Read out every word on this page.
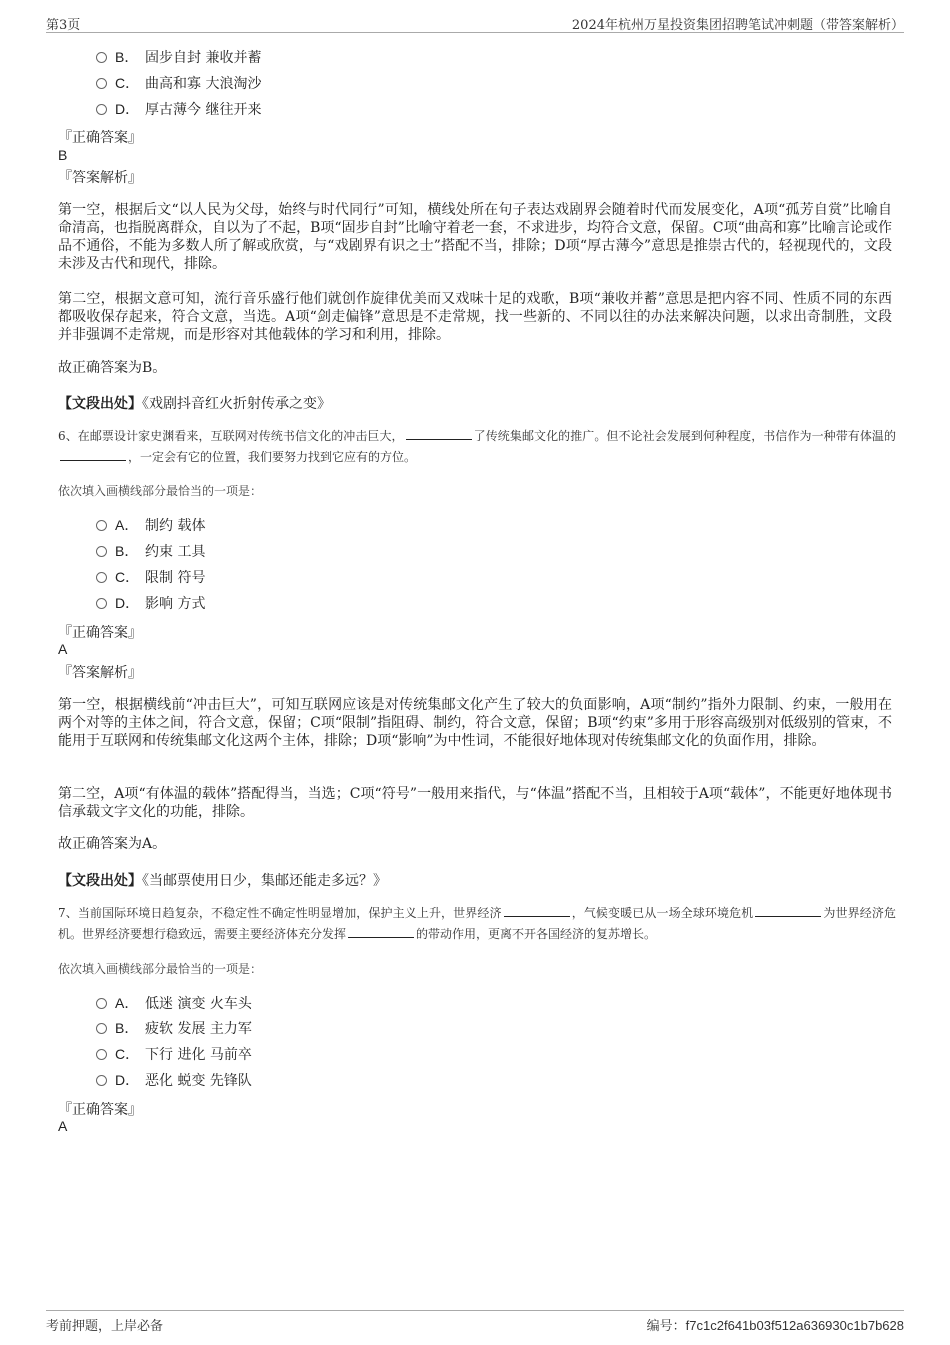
第3页	2024年杭州万星投资集团招聘笔试冲刺题（带答案解析）
B． 固步自封 兼收并蓄
C． 曲高和寡 大浪淘沙
D． 厚古薄今 继往开来
『正确答案』
B
『答案解析』
第一空，根据后文“以人民为父母，始终与时代同行”可知，横线处所在句子表达戏剧界会随着时代而发展变化，A项“孤芳自赏”比喻自命清高，也指脱离群众，自以为了不起，B项“固步自封”比喻守着老一套，不求进步，均符合文意，保留。C项“曲高和寡”比喻言论或作品不通俗，不能为多数人所了解或欣赏，与“戏剧界有识之士”搭配不当，排除；D项“厚古薄今”意思是推崇古代的，轻视现代的，文段未涉及古代和现代，排除。
第二空，根据文意可知，流行音乐盛行他们就创作旋律优美而又戏味十足的戏歌，B项“兼收并蓄”意思是把内容不同、性质不同的东西都吸收保存起来，符合文意，当选。A项“剑走偏锋”意思是不走常规，找一些新的、不同以往的办法来解决问题，以求出奇制胜，文段并非强调不走常规，而是形容对其他载体的学习和利用，排除。
故正确答案为B。
【文段出处】《戏剧抖音红火折射传承之变》
6、在邮票设计家史渊看来，互联网对传统书信文化的冲击巨大，	了传统集邮文化的推广。但不论社会发展到何种程度，书信作为一种带有体温的，一定会有它的位置，我们要努力找到它应有的方位。
依次填入画横线部分最恰当的一项是：
A． 制约 载体
B． 约束 工具
C． 限制 符号
D． 影响 方式
『正确答案』
A
『答案解析』
第一空，根据横线前“冲击巨大”，可知互联网应该是对传统集邮文化产生了较大的负面影响，A项“制约”指外力限制、约束，一般用在两个对等的主体之间，符合文意，保留；C项“限制”指阻碍、制约，符合文意，保留；B项“约束”多用于形容高级别对低级别的管束，不能用于互联网和传统集邮文化这两个主体，排除；D项“影响”为中性词，不能很好地体现对传统集邮文化的负面作用，排除。
第二空，A项“有体温的载体”搭配得当，当选；C项“符号”一般用来指代，与“体温”搭配不当，且相较于A项“载体”，不能更好地体现书信承载文字文化的功能，排除。
故正确答案为A。
【文段出处】《当邮票使用日少，集邮还能走多远？》
7、当前国际环境日趋复杂，不稳定性不确定性明显增加，保护主义上升，世界经济	，气候变暖已从一场全球环境危机	为世界经济危机。世界经济要想行稳致远，需要主要经济体充分发挥	的带动作用，更离不开各国经济的复苏增长。
依次填入画横线部分最恰当的一项是：
A． 低迷 演变 火车头
B． 疲软 发展 主力军
C． 下行 进化 马前卒
D． 恶化 蜕变 先锋队
『正确答案』
A
考前押题，上岸必备	编号：f7c1c2f641b03f512a636930c1b7b628
